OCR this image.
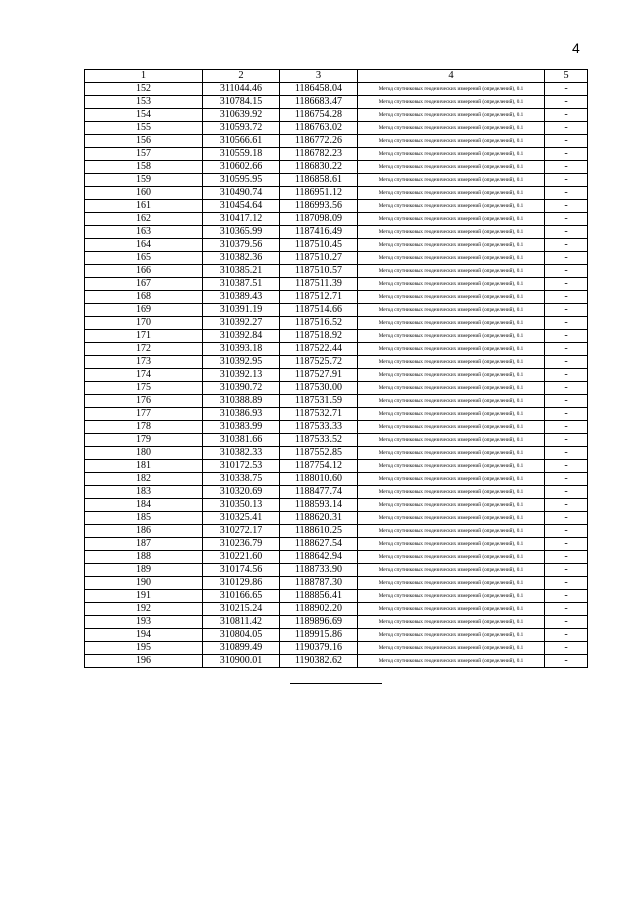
4
1	2	3	4	5
152	311044.46	1186458.04	Метод спутниковых геодезических измерений (определений), 0.1	-
153	310784.15	1186683.47	Метод спутниковых геодезических измерений (определений), 0.1	-
154	310639.92	1186754.28	Метод спутниковых геодезических измерений (определений), 0.1	-
155	310593.72	1186763.02	Метод спутниковых геодезических измерений (определений), 0.1	-
156	310566.61	1186772.26	Метод спутниковых геодезических измерений (определений), 0.1	-
157	310559.18	1186782.23	Метод спутниковых геодезических измерений (определений), 0.1	-
158	310602.66	1186830.22	Метод спутниковых геодезических измерений (определений), 0.1	-
159	310595.95	1186858.61	Метод спутниковых геодезических измерений (определений), 0.1	-
160	310490.74	1186951.12	Метод спутниковых геодезических измерений (определений), 0.1	-
161	310454.64	1186993.56	Метод спутниковых геодезических измерений (определений), 0.1	-
162	310417.12	1187098.09	Метод спутниковых геодезических измерений (определений), 0.1	-
163	310365.99	1187416.49	Метод спутниковых геодезических измерений (определений), 0.1	-
164	310379.56	1187510.45	Метод спутниковых геодезических измерений (определений), 0.1	-
165	310382.36	1187510.27	Метод спутниковых геодезических измерений (определений), 0.1	-
166	310385.21	1187510.57	Метод спутниковых геодезических измерений (определений), 0.1	-
167	310387.51	1187511.39	Метод спутниковых геодезических измерений (определений), 0.1	-
168	310389.43	1187512.71	Метод спутниковых геодезических измерений (определений), 0.1	-
169	310391.19	1187514.66	Метод спутниковых геодезических измерений (определений), 0.1	-
170	310392.27	1187516.52	Метод спутниковых геодезических измерений (определений), 0.1	-
171	310392.84	1187518.92	Метод спутниковых геодезических измерений (определений), 0.1	-
172	310393.18	1187522.44	Метод спутниковых геодезических измерений (определений), 0.1	-
173	310392.95	1187525.72	Метод спутниковых геодезических измерений (определений), 0.1	-
174	310392.13	1187527.91	Метод спутниковых геодезических измерений (определений), 0.1	-
175	310390.72	1187530.00	Метод спутниковых геодезических измерений (определений), 0.1	-
176	310388.89	1187531.59	Метод спутниковых геодезических измерений (определений), 0.1	-
177	310386.93	1187532.71	Метод спутниковых геодезических измерений (определений), 0.1	-
178	310383.99	1187533.33	Метод спутниковых геодезических измерений (определений), 0.1	-
179	310381.66	1187533.52	Метод спутниковых геодезических измерений (определений), 0.1	-
180	310382.33	1187552.85	Метод спутниковых геодезических измерений (определений), 0.1	-
181	310172.53	1187754.12	Метод спутниковых геодезических измерений (определений), 0.1	-
182	310338.75	1188010.60	Метод спутниковых геодезических измерений (определений), 0.1	-
183	310320.69	1188477.74	Метод спутниковых геодезических измерений (определений), 0.1	-
184	310350.13	1188593.14	Метод спутниковых геодезических измерений (определений), 0.1	-
185	310325.41	1188620.31	Метод спутниковых геодезических измерений (определений), 0.1	-
186	310272.17	1188610.25	Метод спутниковых геодезических измерений (определений), 0.1	-
187	310236.79	1188627.54	Метод спутниковых геодезических измерений (определений), 0.1	-
188	310221.60	1188642.94	Метод спутниковых геодезических измерений (определений), 0.1	-
189	310174.56	1188733.90	Метод спутниковых геодезических измерений (определений), 0.1	-
190	310129.86	1188787.30	Метод спутниковых геодезических измерений (определений), 0.1	-
191	310166.65	1188856.41	Метод спутниковых геодезических измерений (определений), 0.1	-
192	310215.24	1188902.20	Метод спутниковых геодезических измерений (определений), 0.1	-
193	310811.42	1189896.69	Метод спутниковых геодезических измерений (определений), 0.1	-
194	310804.05	1189915.86	Метод спутниковых геодезических измерений (определений), 0.1	-
195	310899.49	1190379.16	Метод спутниковых геодезических измерений (определений), 0.1	-
196	310900.01	1190382.62	Метод спутниковых геодезических измерений (определений), 0.1	-
